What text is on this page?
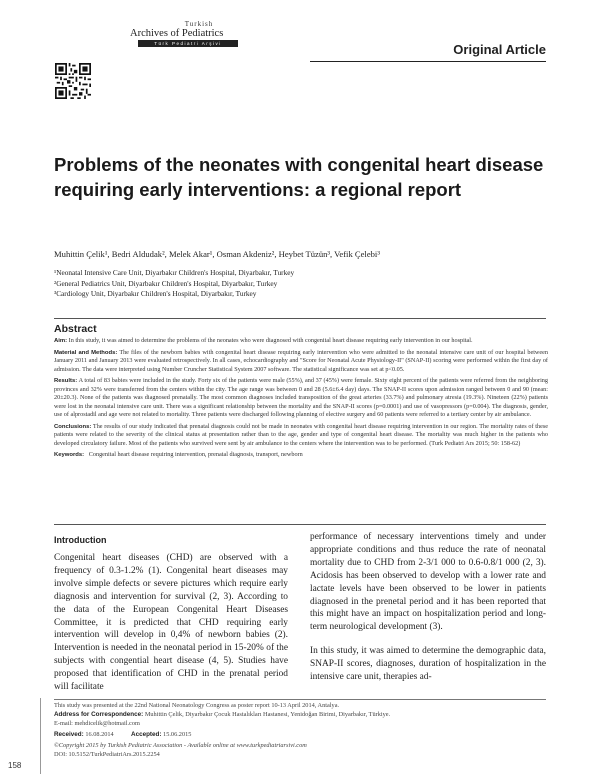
Turkish
Archives of Pediatrics
Türk Pediatri Arşivi	Original Article
Problems of the neonates with congenital heart disease
requiring early interventions: a regional report
Muhittin Çelik¹, Bedri Aldudak², Melek Akar¹, Osman Akdeniz², Heybet Tüzün³, Vefik Çelebi³
¹Neonatal Intensive Care Unit, Diyarbakır Children's Hospital, Diyarbakır, Turkey
²General Pediatrics Unit, Diyarbakır Children's Hospital, Diyarbakır, Turkey
³Cardiology Unit, Diyarbakır Children's Hospital, Diyarbakır, Turkey
Abstract

Aim: In this study, it was aimed to determine the problems of the neonates who were diagnosed with congenital heart disease requiring early intervention in our hospital.

Material and Methods: The files of the newborn babies with congenital heart disease requiring early intervention who were admitted to the neonatal intensive care unit of our hospital between January 2011 and January 2013 were evaluated retrospectively. In all cases, echocardiography and "Score for Neonatal Acute Physiology-II" (SNAP-II) scoring were performed within the first day of admission. The data were interpreted using Number Cruncher Statistical System 2007 software. The statistical significance was set at p<0.05.

Results: A total of 83 babies were included in the study. Forty six of the patients were male (55%), and 37 (45%) were female. Sixty eight percent of the patients were referred from the neighboring provinces and 32% were transferred from the centers within the city. The age range was between 0 and 28 (5.6±6.4 day) days. The SNAP-II scores upon admission ranged between 0 and 90 (mean: 20±20.3). None of the patients was diagnosed prenatally. The most common diagnoses included transposition of the great arteries (33.7%) and pulmonary atresia (19.3%). Nineteen (22%) patients were lost in the neonatal intensive care unit. There was a significant relationship between the mortality and the SNAP-II scores (p=0.0001) and use of vasopressors (p=0.004). The diagnosis, gender, use of alprostadil and age were not related to mortality. Three patients were discharged following planning of elective surgery and 60 patients were referred to a tertiary center by air ambulance.

Conclusions: The results of our study indicated that prenatal diagnosis could not be made in neonates with congenital heart disease requiring intervention in our region. The mortality rates of these patients were related to the severity of the clinical status at presentation rather than to the age, gender and type of congenital heart disease. The mortality was much higher in the patients who developed circulatory failure. Most of the patients who survived were sent by air ambulance to the centers where the intervention was to be performed. (Turk Pediatri Ars 2015; 50: 158-62)

Keywords: Congenital heart disease requiring intervention, prenatal diagnosis, transport, newborn

Introduction

Congenital heart diseases (CHD) are observed with a frequency of 0.3-1.2% (1). Congenital heart diseases may involve simple defects or severe pictures which require early diagnosis and intervention for survival (2, 3). According to the data of the European Congenital Heart Diseases Committee, it is predicted that CHD requiring early intervention will develop in 0,4% of newborn babies (2). Intervention is needed in the neonatal period in 15-20% of the subjects with congential heart disease (4, 5). Studies have proposed that identification of CHD in the prenatal period will facilitate

performance of necessary interventions timely and under appropriate conditions and thus reduce the rate of neonatal mortality due to CHD from 2-3/1 000 to 0.6-0.8/1 000 (2, 3). Acidosis has been observed to develop with a lower rate and lactate levels have been observed to be lower in patients diagnosed in the prenetal period and it has been reported that this might have an impact on hospitalization period and long-term neurological development (3).

In this study, it was aimed to determine the demographic data, SNAP-II scores, diagnoses, duration of hospitalization in the intensive care unit, therapies ad-

158
This study was presented at the 22nd National Neonatology Congress as poster report 10-13 April 2014, Antalya.
Address for Correspondence: Muhittin Çelik, Diyarbakır Çocuk Hastalıkları Hastanesi, Yenidoğan Birimi, Diyarbakır, Türkiye.
E-mail: mehdicelik@hotmail.com
Received: 16.08.2014	Accepted: 15.06.2015
©Copyright 2015 by Turkish Pediatric Association - Available online at www.turkpediatriarsivi.com
DOI: 10.5152/TurkPediatriArs.2015.2254
